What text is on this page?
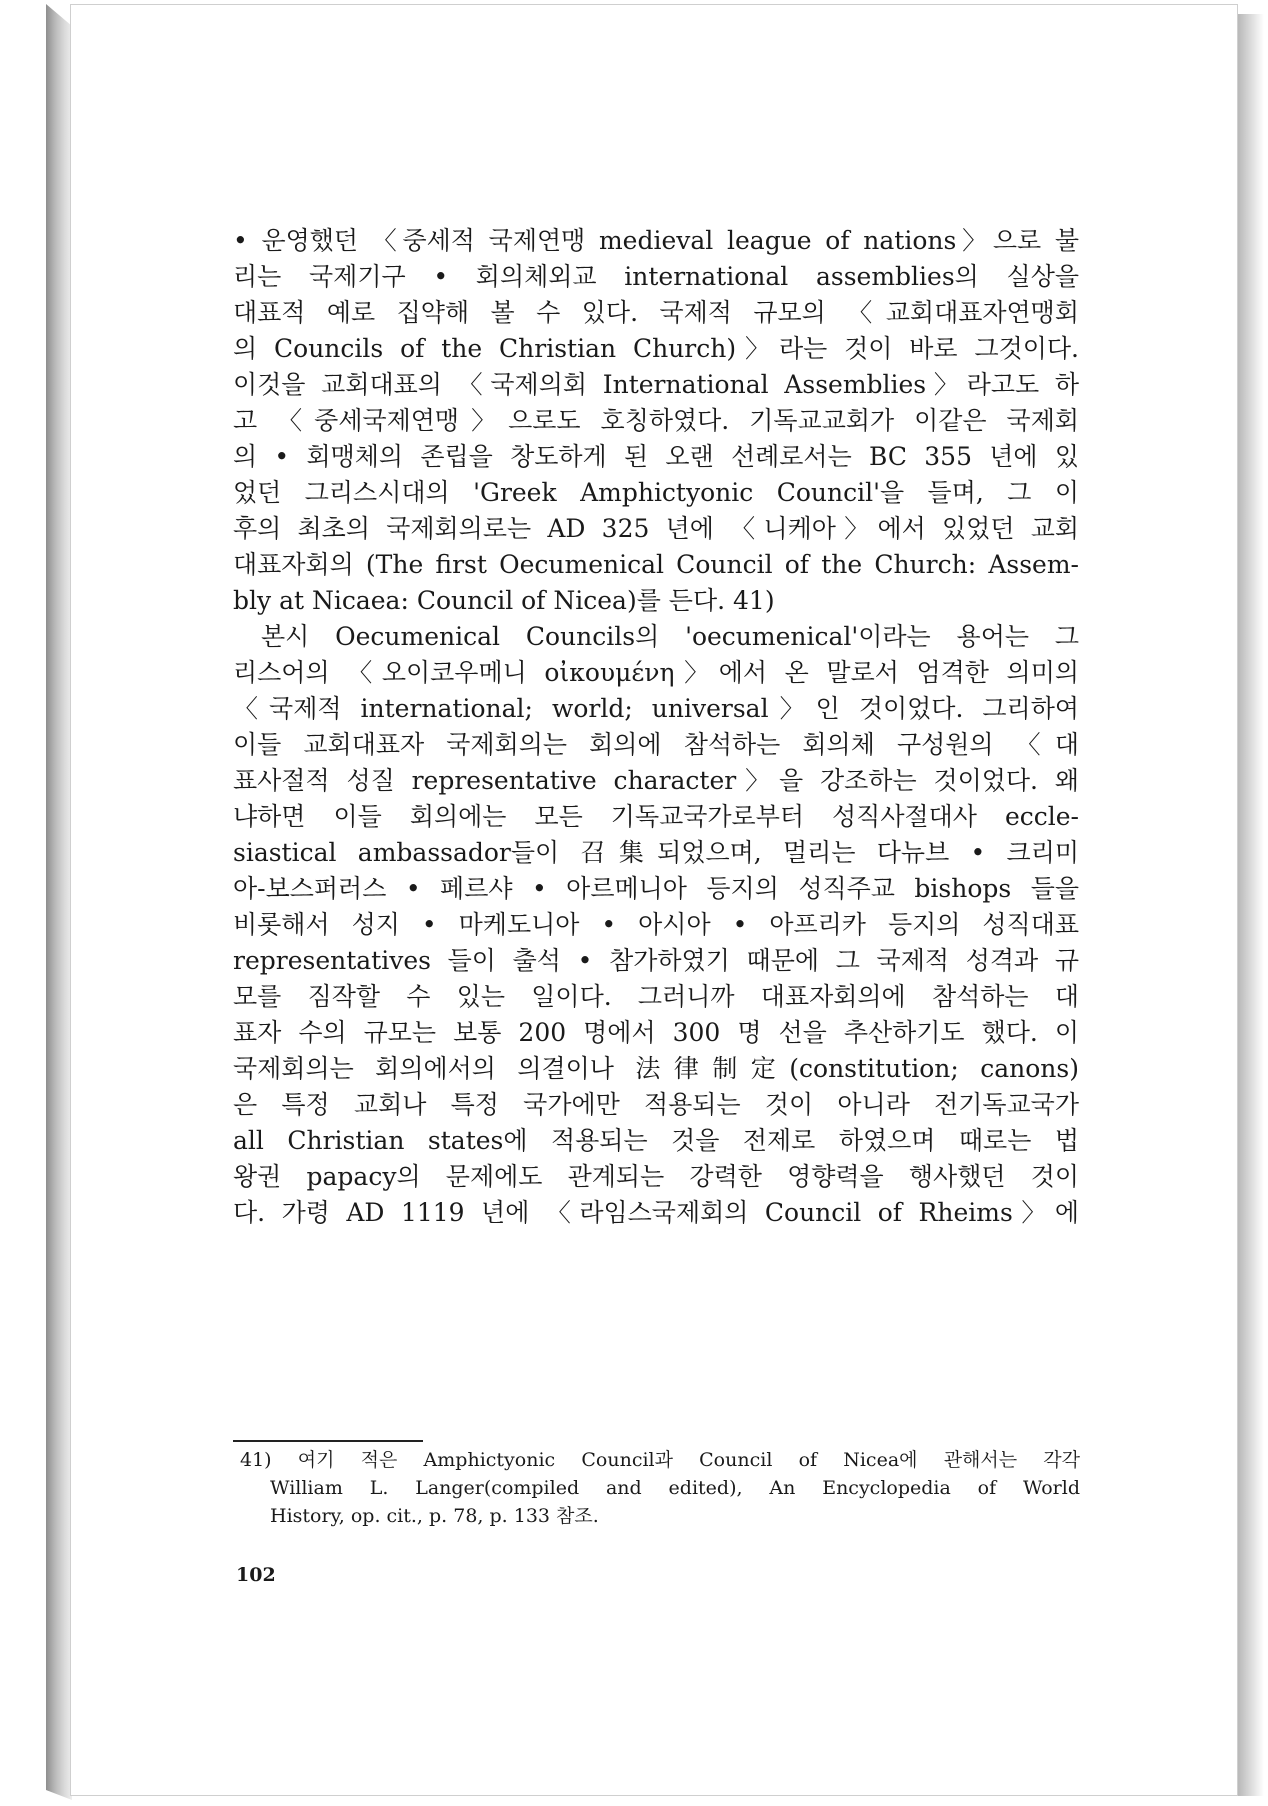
• 운영했던 〈중세적 국제연맹 medieval league of nations〉으로 불
리는 국제기구 • 회의체외교 international assemblies의 실상을
대표적 예로 집약해 볼 수 있다. 국제적 규모의 〈교회대표자연맹회
의 Councils of the Christian Church)〉라는 것이 바로 그것이다.
이것을 교회대표의 〈국제의회 International Assemblies〉라고도 하
고 〈중세국제연맹〉으로도 호칭하였다. 기독교교회가 이같은 국제회
의 • 회맹체의 존립을 창도하게 된 오랜 선례로서는 BC 355 년에 있
었던 그리스시대의 'Greek Amphictyonic Council'을 들며, 그 이
후의 최초의 국제회의로는 AD 325 년에 〈니케아〉에서 있었던 교회
대표자회의 (The first Oecumenical Council of the Church: Assem-
bly at Nicaea: Council of Nicea)를 든다. 41)
본시 Oecumenical Councils의 'oecumenical'이라는 용어는 그
리스어의 〈오이코우메니 οἰκουμένη〉에서 온 말로서 엄격한 의미의
〈국제적 international; world; universal〉인 것이었다. 그리하여
이들 교회대표자 국제회의는 회의에 참석하는 회의체 구성원의 〈대
표사절적 성질 representative character〉을 강조하는 것이었다. 왜
냐하면 이들 회의에는 모든 기독교국가로부터 성직사절대사 eccle-
siastical ambassador들이 召集되었으며, 멀리는 다뉴브 • 크리미
아-보스퍼러스 • 페르샤 • 아르메니아 등지의 성직주교 bishops 들을
비롯해서 성지 • 마케도니아 • 아시아 • 아프리카 등지의 성직대표
representatives 들이 출석 • 참가하였기 때문에 그 국제적 성격과 규
모를 짐작할 수 있는 일이다. 그러니까 대표자회의에 참석하는 대
표자 수의 규모는 보통 200 명에서 300 명 선을 추산하기도 했다. 이
국제회의는 회의에서의 의결이나 法律制定(constitution; canons)
은 특정 교회나 특정 국가에만 적용되는 것이 아니라 전기독교국가
all Christian states에 적용되는 것을 전제로 하였으며 때로는 법
왕권 papacy의 문제에도 관계되는 강력한 영향력을 행사했던 것이
다. 가령 AD 1119 년에 〈라임스국제회의 Council of Rheims〉에
41) 여기 적은 Amphictyonic Council과 Council of Nicea에 관해서는 각각
William L. Langer(compiled and edited), An Encyclopedia of World
History, op. cit., p. 78, p. 133 참조.
102
